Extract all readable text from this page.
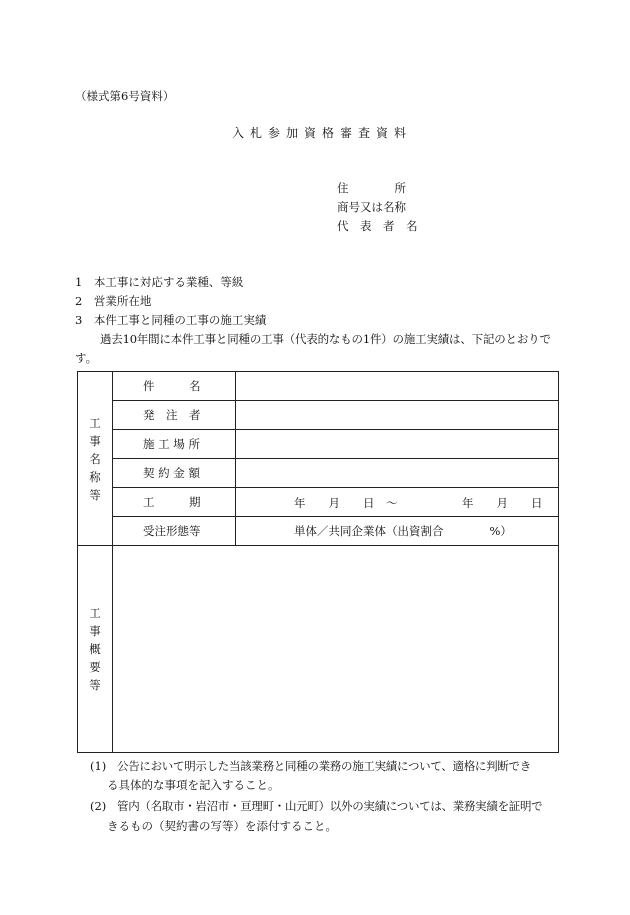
（様式第6号資料）
入札参加資格審査資料
住　　　　所
商号又は名称
代　表　者　名
1　本工事に対応する業種、等級
2　営業所在地
3　本件工事と同種の工事の施工実績
過去10年間に本件工事と同種の工事（代表的なもの1件）の施工実績は、下記のとおりで
す。
工
事
名
称
等	件　　　名	
	発　注　者	
	施 工 場 所	
	契 約 金 額	
	工　　　期	年　　月　　日　～ 年　　月　　日

	受注形態等	単体／共同企業体（出資割合　　　　%）

工
事
概
要
等		

(1) 公告において明示した当該業務と同種の業務の施工実績について、適格に判断でき
る具体的な事項を記入すること。
(2) 管内（名取市・岩沼市・亘理町・山元町）以外の実績については、業務実績を証明で
きるもの（契約書の写等）を添付すること。
